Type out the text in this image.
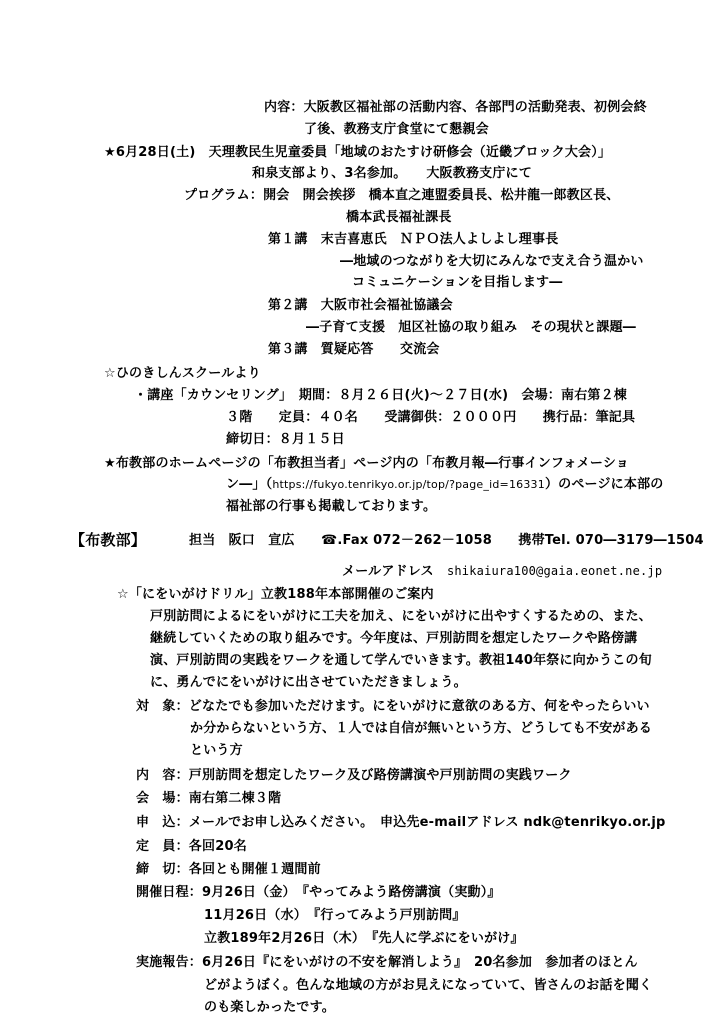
内容：大阪教区福祉部の活動内容、各部門の活動発表、初例会終
了後、教務支庁食堂にて懇親会
★6月28日(土)　天理教民生児童委員「地域のおたすけ研修会（近畿ブロック大会）」
和泉支部より、3名参加。　　大阪教務支庁にて
プログラム：開会　開会挨拶　橋本直之連盟委員長、松井龍一郎教区長、
橋本武長福祉課長
第１講　末吉喜恵氏　ＮＰＯ法人よしよし理事長
―地域のつながりを大切にみんなで支え合う温かい
コミュニケーションを目指します―
第２講　大阪市社会福祉協議会
―子育て支援　旭区社協の取り組み　その現状と課題―
第３講　質疑応答　　交流会
☆ひのきしんスクールより
・講座「カウンセリング」　期間：８月２６日(火)～２７日(水)　会場：南右第２棟
３階　　定員：４０名　　受講御供：２０００円　　携行品：筆記具
締切日：８月１５日
★布教部のホームページの「布教担当者」ページ内の「布教月報―行事インフォメーショ
ン―」（https://fukyo.tenrikyo.or.jp/top/?page_id=16331）のページに本部の
福祉部の行事も掲載しております。
【布教部】	担当　阪口　宣広　　☎.Fax 072－262－1058　　携帯Tel. 070―3179―1504
メールアドレス　shikaiura100@gaia.eonet.ne.jp
☆「にをいがけドリル」立教188年本部開催のご案内
戸別訪問によるにをいがけに工夫を加え、にをいがけに出やすくするための、また、
継続していくための取り組みです。今年度は、戸別訪問を想定したワークや路傍講
演、戸別訪問の実践をワークを通して学んでいきます。教祖140年祭に向かうこの旬
に、勇んでにをいがけに出させていただきましょう。
対　象：どなたでも参加いただけます。にをいがけに意欲のある方、何をやったらいい
か分からないという方、１人では自信が無いという方、どうしても不安がある
という方
内　容：戸別訪問を想定したワーク及び路傍講演や戸別訪問の実践ワーク
会　場：南右第二棟３階
申　込：メールでお申し込みください。　申込先e-mailアドレス ndk@tenrikyo.or.jp
定　員：各回20名
締　切：各回とも開催１週間前
開催日程：9月26日（金）　『やってみよう路傍講演（実動）』
11月26日（水）　『行ってみよう戸別訪問』
立教189年2月26日（木）　『先人に学ぶにをいがけ』
実施報告：6月26日『にをいがけの不安を解消しよう』　20名参加　参加者のほとん
どがようぼく。色んな地域の方がお見えになっていて、皆さんのお話を聞く
のも楽しかったです。
